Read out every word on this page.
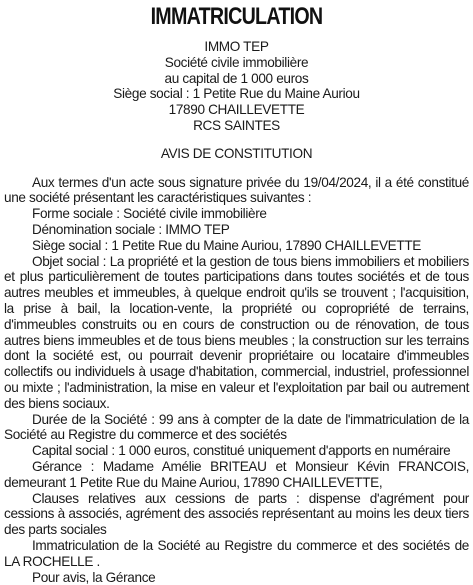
IMMATRICULATION
IMMO TEP
Société civile immobilière
au capital de 1 000 euros
Siège social : 1 Petite Rue du Maine Auriou
17890 CHAILLEVETTE
RCS SAINTES
AVIS DE CONSTITUTION

Aux termes d'un acte sous signature privée du 19/04/2024, il a été constitué une société présentant les caractéristiques suivantes :

Forme sociale : Société civile immobilière

Dénomination sociale : IMMO TEP

Siège social : 1 Petite Rue du Maine Auriou, 17890 CHAILLEVETTE

Objet social : La propriété et la gestion de tous biens immobiliers et mobiliers et plus particulièrement de toutes participations dans toutes sociétés et de tous autres meubles et immeubles, à quelque endroit qu'ils se trouvent ; l'acquisition, la prise à bail, la location-vente, la propriété ou copropriété de terrains, d'immeubles construits ou en cours de construction ou de rénovation, de tous autres biens immeubles et de tous biens meubles ; la construction sur les terrains dont la société est, ou pourrait devenir propriétaire ou locataire d'immeubles collectifs ou individuels à usage d'habitation, commercial, industriel, professionnel ou mixte ; l'administration, la mise en valeur et l'exploitation par bail ou autrement des biens sociaux.

Durée de la Société : 99 ans à compter de la date de l'immatriculation de la Société au Registre du commerce et des sociétés

Capital social : 1 000 euros, constitué uniquement d'apports en numéraire

Gérance : Madame Amélie BRITEAU et Monsieur Kévin FRANCOIS, demeurant 1 Petite Rue du Maine Auriou, 17890 CHAILLEVETTE,

Clauses relatives aux cessions de parts : dispense d'agrément pour cessions à associés, agrément des associés représentant au moins les deux tiers des parts sociales

Immatriculation de la Société au Registre du commerce et des sociétés de LA ROCHELLE .

Pour avis, la Gérance
